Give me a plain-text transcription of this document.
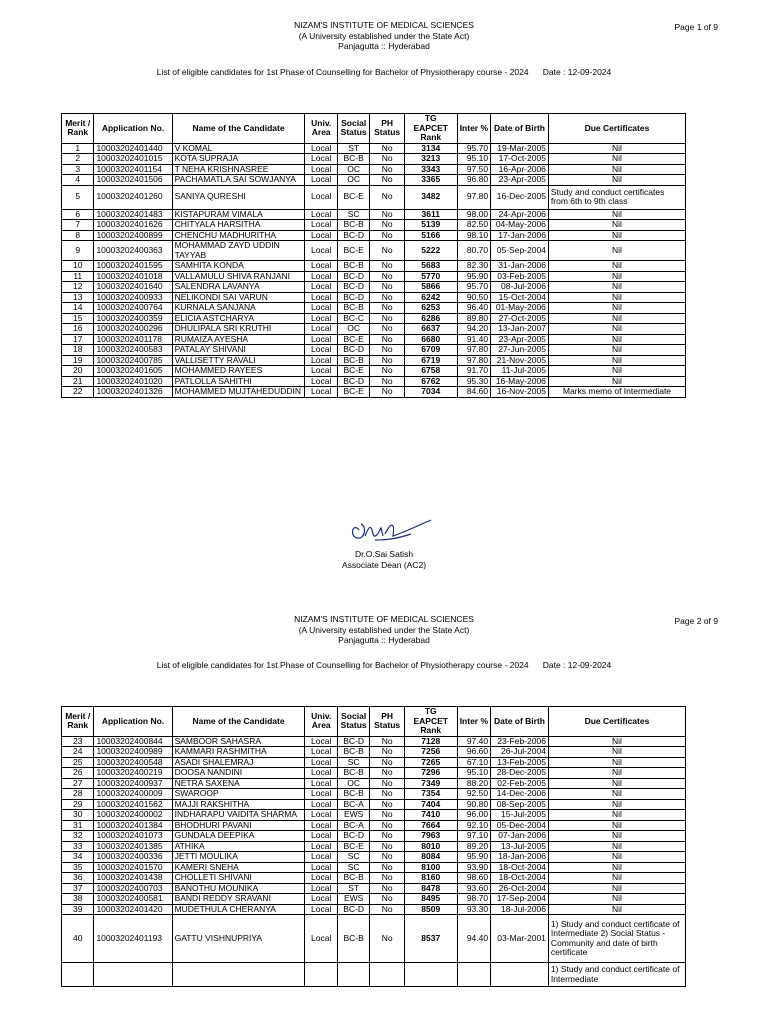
NIZAM'S INSTITUTE OF MEDICAL SCIENCES
(A University established under the State Act)
Panjagutta :: Hyderabad
Page 1 of 9
List of eligible candidates for 1st Phase of Counselling for Bachelor of Physiotherapy course - 2024      Date : 12-09-2024
Merit / Rank	Application No.	Name of the Candidate	Univ. Area	Social Status	PH Status	TG EAPCET Rank	Inter %	Date of Birth	Due Certificates
1	10003202401440	V KOMAL	Local	ST	No	3134	95.70	19-Mar-2005	Nil
2	10003202401015	KOTA SUPRAJA	Local	BC-B	No	3213	95.10	17-Oct-2005	Nil
3	10003202401154	T NEHA KRISHNASREE	Local	OC	No	3343	97.50	16-Apr-2006	Nil
4	10003202401506	PACHAMATLA SAI SOWJANYA	Local	OC	No	3365	96.80	23-Apr-2005	Nil
5	10003202401260	SANIYA QURESHI	Local	BC-E	No	3482	97.80	16-Dec-2005	Study and conduct certificates from 6th to 9th class
6	10003202401483	KISTAPURAM VIMALA	Local	SC	No	3611	98.00	24-Apr-2006	Nil
7	10003202401626	CHITYALA HARSITHA	Local	BC-B	No	5139	82.50	04-May-2006	Nil
8	10003202400899	CHENCHU MADHURITHA	Local	BC-D	No	5166	98.10	17-Jan-2006	Nil
9	10003202400363	MOHAMMAD ZAYD UDDIN TAYYAB	Local	BC-E	No	5222	80.70	05-Sep-2004	Nil
10	10003202401595	SAMHITA KONDA	Local	BC-B	No	5683	82.30	31-Jan-2006	Nil
11	10003202401018	VALLAMULU SHIVA RANJANI	Local	BC-D	No	5770	95.90	03-Feb-2005	Nil
12	10003202401640	SALENDRA LAVANYA	Local	BC-D	No	5866	95.70	08-Jul-2006	Nil
13	10003202400933	NELIKONDI SAI VARUN	Local	BC-D	No	6242	90.50	15-Oct-2004	Nil
14	10003202400764	KURNALA SANJANA	Local	BC-B	No	6253	96.40	01-May-2006	Nil
15	10003202400359	ELICIA ASTCHARYA	Local	BC-C	No	6286	89.80	27-Oct-2005	Nil
16	10003202400296	DHULIPALA SRI KRUTHI	Local	OC	No	6637	94.20	13-Jan-2007	Nil
17	10003202401178	RUMAIZA AYESHA	Local	BC-E	No	6680	91.40	23-Apr-2005	Nil
18	10003202400583	PATALAY SHIVANI	Local	BC-D	No	6709	97.80	27-Jun-2005	Nil
19	10003202400785	VALLISETTY RAVALI	Local	BC-B	No	6719	97.80	21-Nov-2005	Nil
20	10003202401605	MOHAMMED RAYEES	Local	BC-E	No	6758	91.70	11-Jul-2005	Nil
21	10003202401020	PATLOLLA SAHITHI	Local	BC-D	No	6762	95.30	16-May-2006	Nil
22	10003202401326	MOHAMMED MUJTAHEDUDDIN	Local	BC-E	No	7034	84.60	16-Nov-2005	Marks memo of Intermediate
Dr.O.Sai Satish
Associate Dean (AC2)
NIZAM'S INSTITUTE OF MEDICAL SCIENCES
(A University established under the State Act)
Panjagutta :: Hyderabad
Page 2 of 9
List of eligible candidates for 1st Phase of Counselling for Bachelor of Physiotherapy course - 2024      Date : 12-09-2024
Merit / Rank	Application No.	Name of the Candidate	Univ. Area	Social Status	PH Status	TG EAPCET Rank	Inter %	Date of Birth	Due Certificates
23	10003202400844	SAMBOOR SAHASRA	Local	BC-D	No	7128	97.40	23-Feb-2006	Nil
24	10003202400989	KAMMARI RASHMITHA	Local	BC-B	No	7256	96.60	26-Jul-2004	Nil
25	10003202400548	ASADI SHALEMRAJ	Local	SC	No	7265	67.10	13-Feb-2005	Nil
26	10003202400219	DOOSA NANDINI	Local	BC-B	No	7296	95.10	28-Dec-2005	Nil
27	10003202400937	NETRA SAXENA	Local	OC	No	7349	88.20	02-Feb-2005	Nil
28	10003202400009	SWAROOP	Local	BC-B	No	7354	92.50	14-Dec-2006	Nil
29	10003202401562	MAJJI RAKSHITHA	Local	BC-A	No	7404	90.80	08-Sep-2005	Nil
30	10003202400002	INDHARAPU VAIDITA SHARMA	Local	EWS	No	7410	96.00	15-Jul-2005	Nil
31	10003202401384	BHODHURI PAVANI	Local	BC-A	No	7664	92.10	05-Dec-2004	Nil
32	10003202401073	GUNDALA DEEPIKA	Local	BC-D	No	7963	97.10	07-Jan-2006	Nil
33	10003202401385	ATHIKA	Local	BC-E	No	8010	89.20	13-Jul-2005	Nil
34	10003202400336	JETTI MOULIKA	Local	SC	No	8084	95.90	18-Jan-2006	Nil
35	10003202401570	KAMERI SNEHA	Local	SC	No	8100	93.90	18-Oct-2004	Nil
36	10003202401438	CHOLLETI SHIVANI	Local	BC-B	No	8160	98.60	18-Oct-2004	Nil
37	10003202400703	BANOTHU MOUNIKA	Local	ST	No	8478	93.60	26-Oct-2004	Nil
38	10003202400581	BANDI REDDY SRAVANI	Local	EWS	No	8495	98.70	17-Sep-2004	Nil
39	10003202401420	MUDETHULA CHERANYA	Local	BC-D	No	8509	93.30	18-Jul-2006	Nil
40	10003202401193	GATTU VISHNUPRIYA	Local	BC-B	No	8537	94.40	03-Mar-2001	1) Study and conduct certificate of Intermediate 2) Social Status - Community and date of birth certificate
									1) Study and conduct certificate of Intermediate
